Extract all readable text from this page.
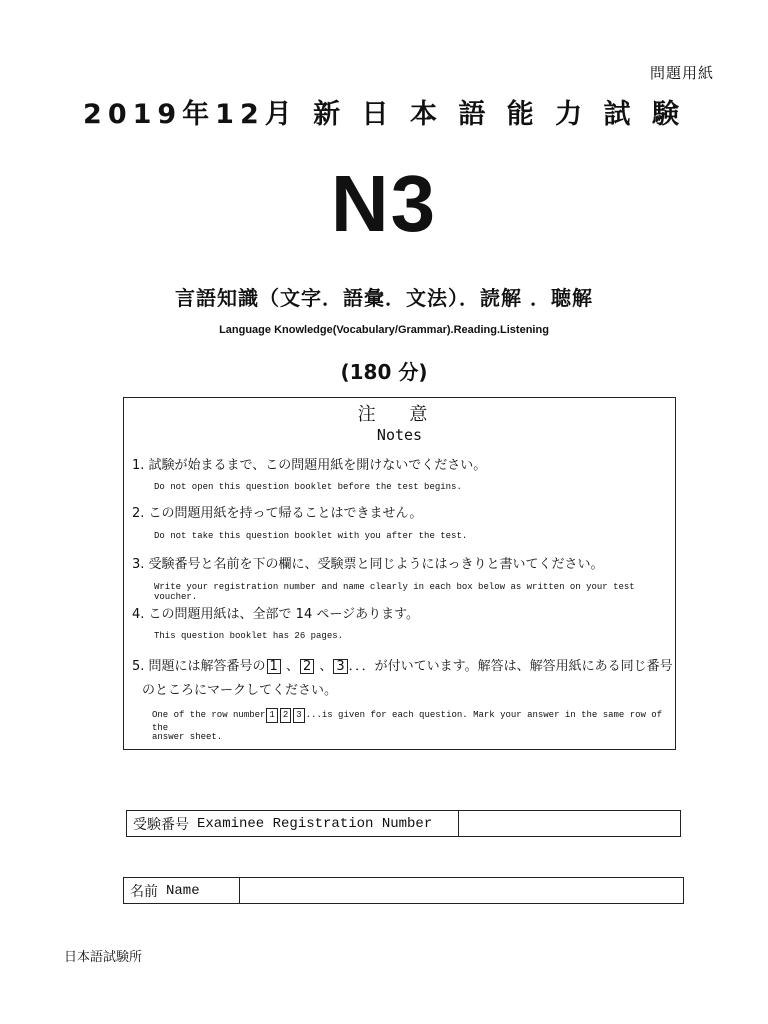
問題用紙
2019年12月 新 日 本 語 能 力 試 験
N3
言語知識（文字．語彙．文法）．読解 ．聴解
Language Knowledge(Vocabulary/Grammar).Reading.Listening
(180 分)
注 意
Notes
1. 試験が始まるまで、この問題用紙を開けないでください。
Do not open this question booklet before the test begins.
2. この問題用紙を持って帰ることはできません。
Do not take this question booklet with you after the test.
3. 受験番号と名前を下の欄に、受験票と同じようにはっきりと書いてください。
Write your registration number and name clearly in each box below as written on your test voucher.
4. この問題用紙は、全部で 14 ページあります。
This question booklet has 26 pages.
5. 問題には解答番号の 1 、 2 、 3 ．．．が付いています。解答は、解答用紙にある同じ番号
のところにマークしてください。
One of the row number 1 2 3 ...is given for each question. Mark your answer in the same row of the
answer sheet.
受験番号 Examinee Registration Number
名前 Name
日本語試験所
